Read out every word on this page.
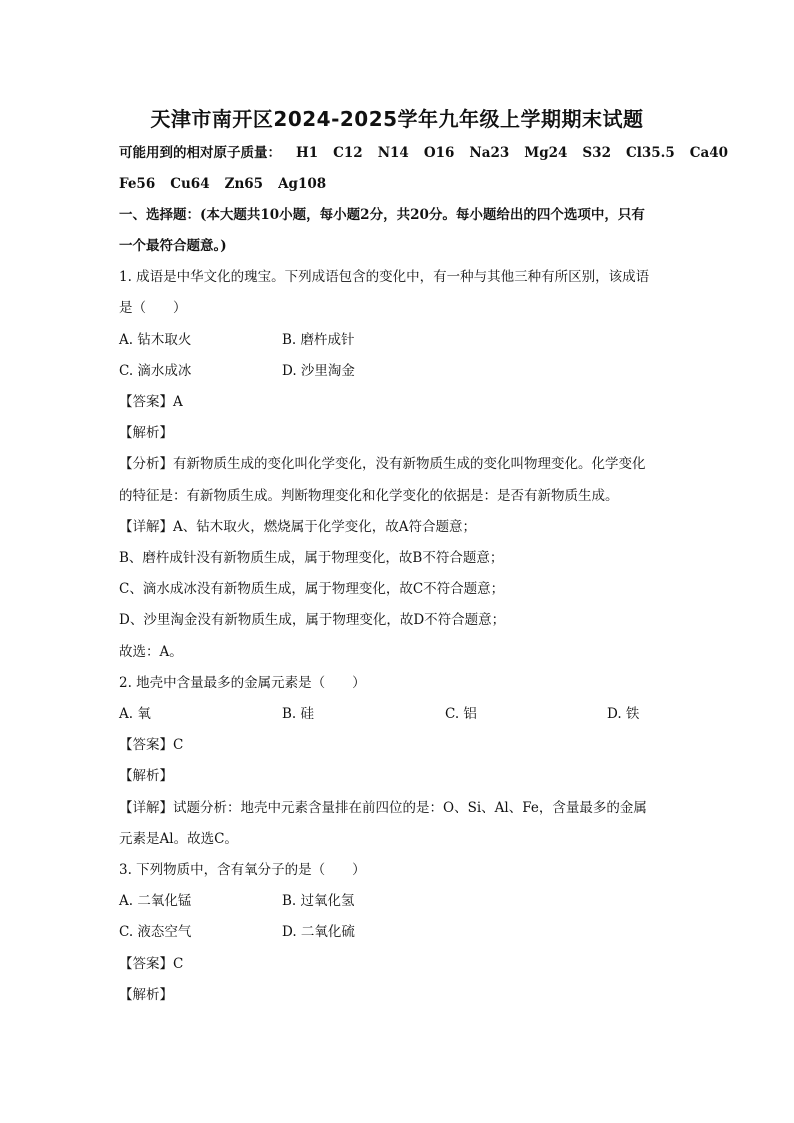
天津市南开区2024-2025学年九年级上学期期末试题
可能用到的相对原子质量： H1 C12 N14 O16 Na23 Mg24 S32 Cl35.5 Ca40
Fe56 Cu64 Zn65 Ag108
一、选择题：(本大题共10小题，每小题2分，共20分。每小题给出的四个选项中，只有
一个最符合题意。)
1. 成语是中华文化的瑰宝。下列成语包含的变化中，有一种与其他三种有所区别，该成语
是（　　）
A. 钻木取火	B. 磨杵成针
C. 滴水成冰	D. 沙里淘金
【答案】A
【解析】
【分析】有新物质生成的变化叫化学变化，没有新物质生成的变化叫物理变化。化学变化
的特征是：有新物质生成。判断物理变化和化学变化的依据是：是否有新物质生成。
【详解】A、钻木取火，燃烧属于化学变化，故A符合题意；
B、磨杵成针没有新物质生成，属于物理变化，故B不符合题意；
C、滴水成冰没有新物质生成，属于物理变化，故C不符合题意；
D、沙里淘金没有新物质生成，属于物理变化，故D不符合题意；
故选：A。
2. 地壳中含量最多的金属元素是（　　）
A. 氧	B. 硅	C. 铝	D. 铁
【答案】C
【解析】
【详解】试题分析：地壳中元素含量排在前四位的是：O、Si、Al、Fe，含量最多的金属
元素是Al。故选C。
3. 下列物质中，含有氧分子的是（　　）
A. 二氧化锰	B. 过氧化氢
C. 液态空气	D. 二氧化硫
【答案】C
【解析】
